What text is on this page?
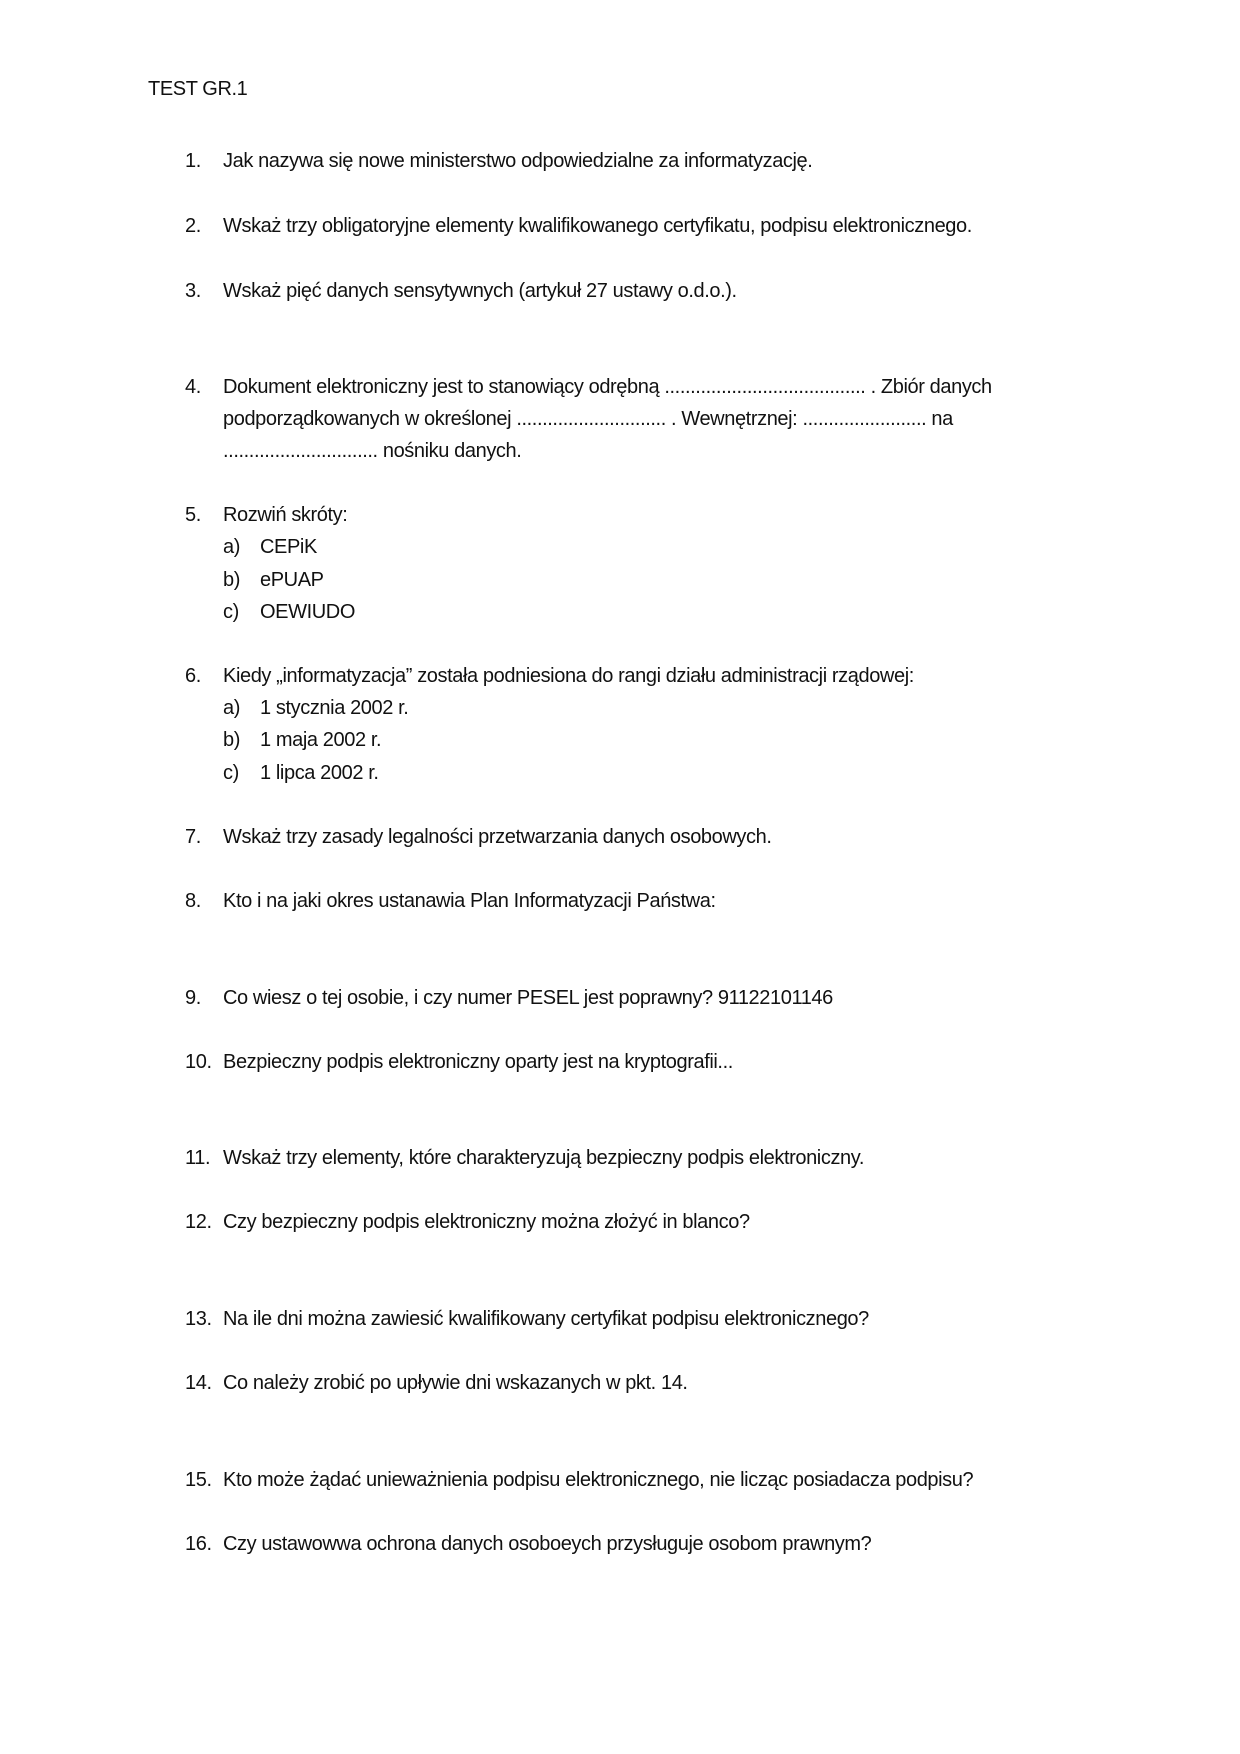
TEST GR.1
1. Jak nazywa się nowe ministerstwo odpowiedzialne za informatyzację.
2. Wskaż trzy obligatoryjne elementy kwalifikowanego certyfikatu, podpisu elektronicznego.
3. Wskaż pięć danych sensytywnych (artykuł 27 ustawy o.d.o.).
4. Dokument elektroniczny jest to stanowiący odrębną ....................................... . Zbiór danych
podporządkowanych w określonej ............................. . Wewnętrznej: ........................ na
.............................. nośniku danych.
5. Rozwiń skróty:
a) CEPiK
b) ePUAP
c) OEWIUDO
6. Kiedy „informatyzacja” została podniesiona do rangi działu administracji rządowej:
a) 1 stycznia 2002 r.
b) 1 maja 2002 r.
c) 1 lipca 2002 r.
7. Wskaż trzy zasady legalności przetwarzania danych osobowych.
8. Kto i na jaki okres ustanawia Plan Informatyzacji Państwa:
9. Co wiesz o tej osobie, i czy numer PESEL jest poprawny? 91122101146
10. Bezpieczny podpis elektroniczny oparty jest na kryptografii...
11. Wskaż trzy elementy, które charakteryzują bezpieczny podpis elektroniczny.
12. Czy bezpieczny podpis elektroniczny można złożyć in blanco?
13. Na ile dni można zawiesić kwalifikowany certyfikat podpisu elektronicznego?
14. Co należy zrobić po upływie dni wskazanych w pkt. 14.
15. Kto może żądać unieważnienia podpisu elektronicznego, nie licząc posiadacza podpisu?
16. Czy ustawowwa ochrona danych osoboeych przysługuje osobom prawnym?
